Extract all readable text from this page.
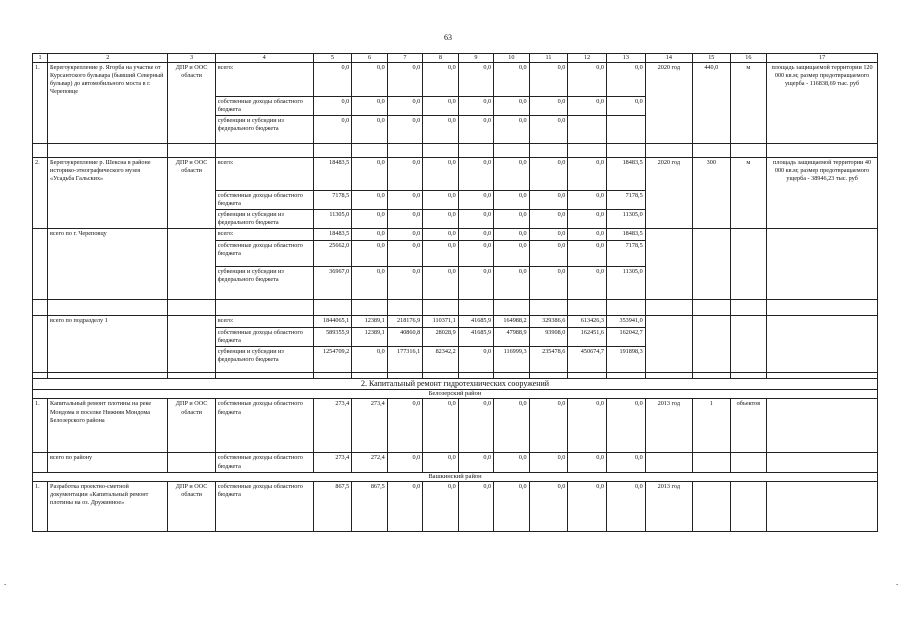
63
1	2	3	4	5	6	7	8	9	10	11	12	13	14	15	16	17
1.	Берегоукрепление р. Ягорба на участке от Курсантского бульвара (бывший Северный бульвар) до автомобильного моста в г. Череповце	ДПР и ООС области	всего:	0,0	0,0	0,0	0,0	0,0	0,0	0,0	0,0	0,0	2020 год	440,0	м	площадь защищаемой территории 120 000 кв.м; размер предотвращаемого ущерба - 116838,69 тыс. руб
			собственные доходы областного бюджета	0,0	0,0	0,0	0,0	0,0	0,0	0,0	0,0	0,0				
			субвенции и субсидии из федерального бюджета	0,0	0,0	0,0	0,0	0,0	0,0	0,0						

2.	Берегоукрепление р. Шексна в районе историко-этнографического музея «Усадьба Гальских»	ДПР и ООС области	всего:	18483,5	0,0	0,0	0,0	0,0	0,0	0,0	0,0	18483,5	2020 год	300	м	площадь защищаемой территории 40 000 кв.м; размер предотвращаемого ущерба - 38946,23 тыс. руб
			собственные доходы областного бюджета	7178,5	0,0	0,0	0,0	0,0	0,0	0,0	0,0	7178,5				
			субвенции и субсидии из федерального бюджета	11305,0	0,0	0,0	0,0	0,0	0,0	0,0	0,0	11305,0				
	всего по г. Череповцу		всего:	18483,5	0,0	0,0	0,0	0,0	0,0	0,0	0,0	18483,5				
			собственные доходы областного бюджета	25662,0	0,0	0,0	0,0	0,0	0,0	0,0	0,0	7178,5				
			субвенции и субсидии из федерального бюджета	36967,0	0,0	0,0	0,0	0,0	0,0	0,0	0,0	11305,0				

	всего по подразделу 1		всего:	1844065,1	12389,1	218176,9	110371,1	41685,9	164988,2	329386,6	613426,3	353941,0				
			собственные доходы областного бюджета	589355,9	12389,1	40860,8	28028,9	41685,9	47988,9	93908,0	162451,6	162042,7				
			субвенции и субсидии из федерального бюджета	1254709,2	0,0	177316,1	82342,2	0,0	116999,3	235478,6	450674,7	191898,3				

2. Капитальный ремонт гидротехнических сооружений																
Белозерский район																
1.	Капитальный ремонт плотины на реке Мондома в поселке Нижняя Мондома Белозерского района	ДПР и ООС области	собственные доходы областного бюджета	273,4	273,4	0,0	0,0	0,0	0,0	0,0	0,0	0,0	2013 год	1	объектов	
	всего по району		собственные доходы областного бюджета	273,4	272,4	0,0	0,0	0,0	0,0	0,0	0,0	0,0				
Вашкинский район																
1.	Разработка проектно-сметной документации «Капитальный ремонт плотины на оз. Дружинное»	ДПР и ООС области	собственные доходы областного бюджета	867,5	867,5	0,0	0,0	0,0	0,0	0,0	0,0	0,0	2013 год			
-	-
